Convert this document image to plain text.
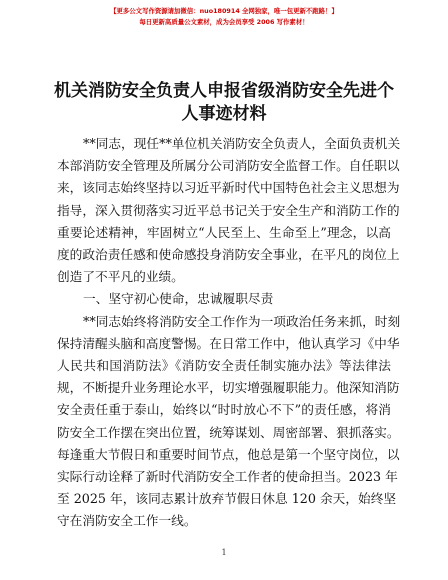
【更多公文写作资源请加微信：nuo180914 全网独家，唯一包更新不跑路！】
每日更新高质量公文素材，成为会员享受 2006 写作素材！
机关消防安全负责人申报省级消防安全先进个
人事迹材料
**同志，现任**单位机关消防安全负责人，全面负责机关
本部消防安全管理及所属分公司消防安全监督工作。自任职以
来，该同志始终坚持以习近平新时代中国特色社会主义思想为
指导，深入贯彻落实习近平总书记关于安全生产和消防工作的
重要论述精神，牢固树立“人民至上、生命至上”理念，以高
度的政治责任感和使命感投身消防安全事业，在平凡的岗位上
创造了不平凡的业绩。
一、坚守初心使命，忠诚履职尽责
**同志始终将消防安全工作作为一项政治任务来抓，时刻
保持清醒头脑和高度警惕。在日常工作中，他认真学习《中华
人民共和国消防法》《消防安全责任制实施办法》等法律法
规，不断提升业务理论水平，切实增强履职能力。他深知消防
安全责任重于泰山，始终以“时时放心不下”的责任感，将消
防安全工作摆在突出位置，统筹谋划、周密部署、狠抓落实。
每逢重大节假日和重要时间节点，他总是第一个坚守岗位，以
实际行动诠释了新时代消防安全工作者的使命担当。2023 年
至 2025 年，该同志累计放弃节假日休息 120 余天，始终坚
守在消防安全工作一线。
1
